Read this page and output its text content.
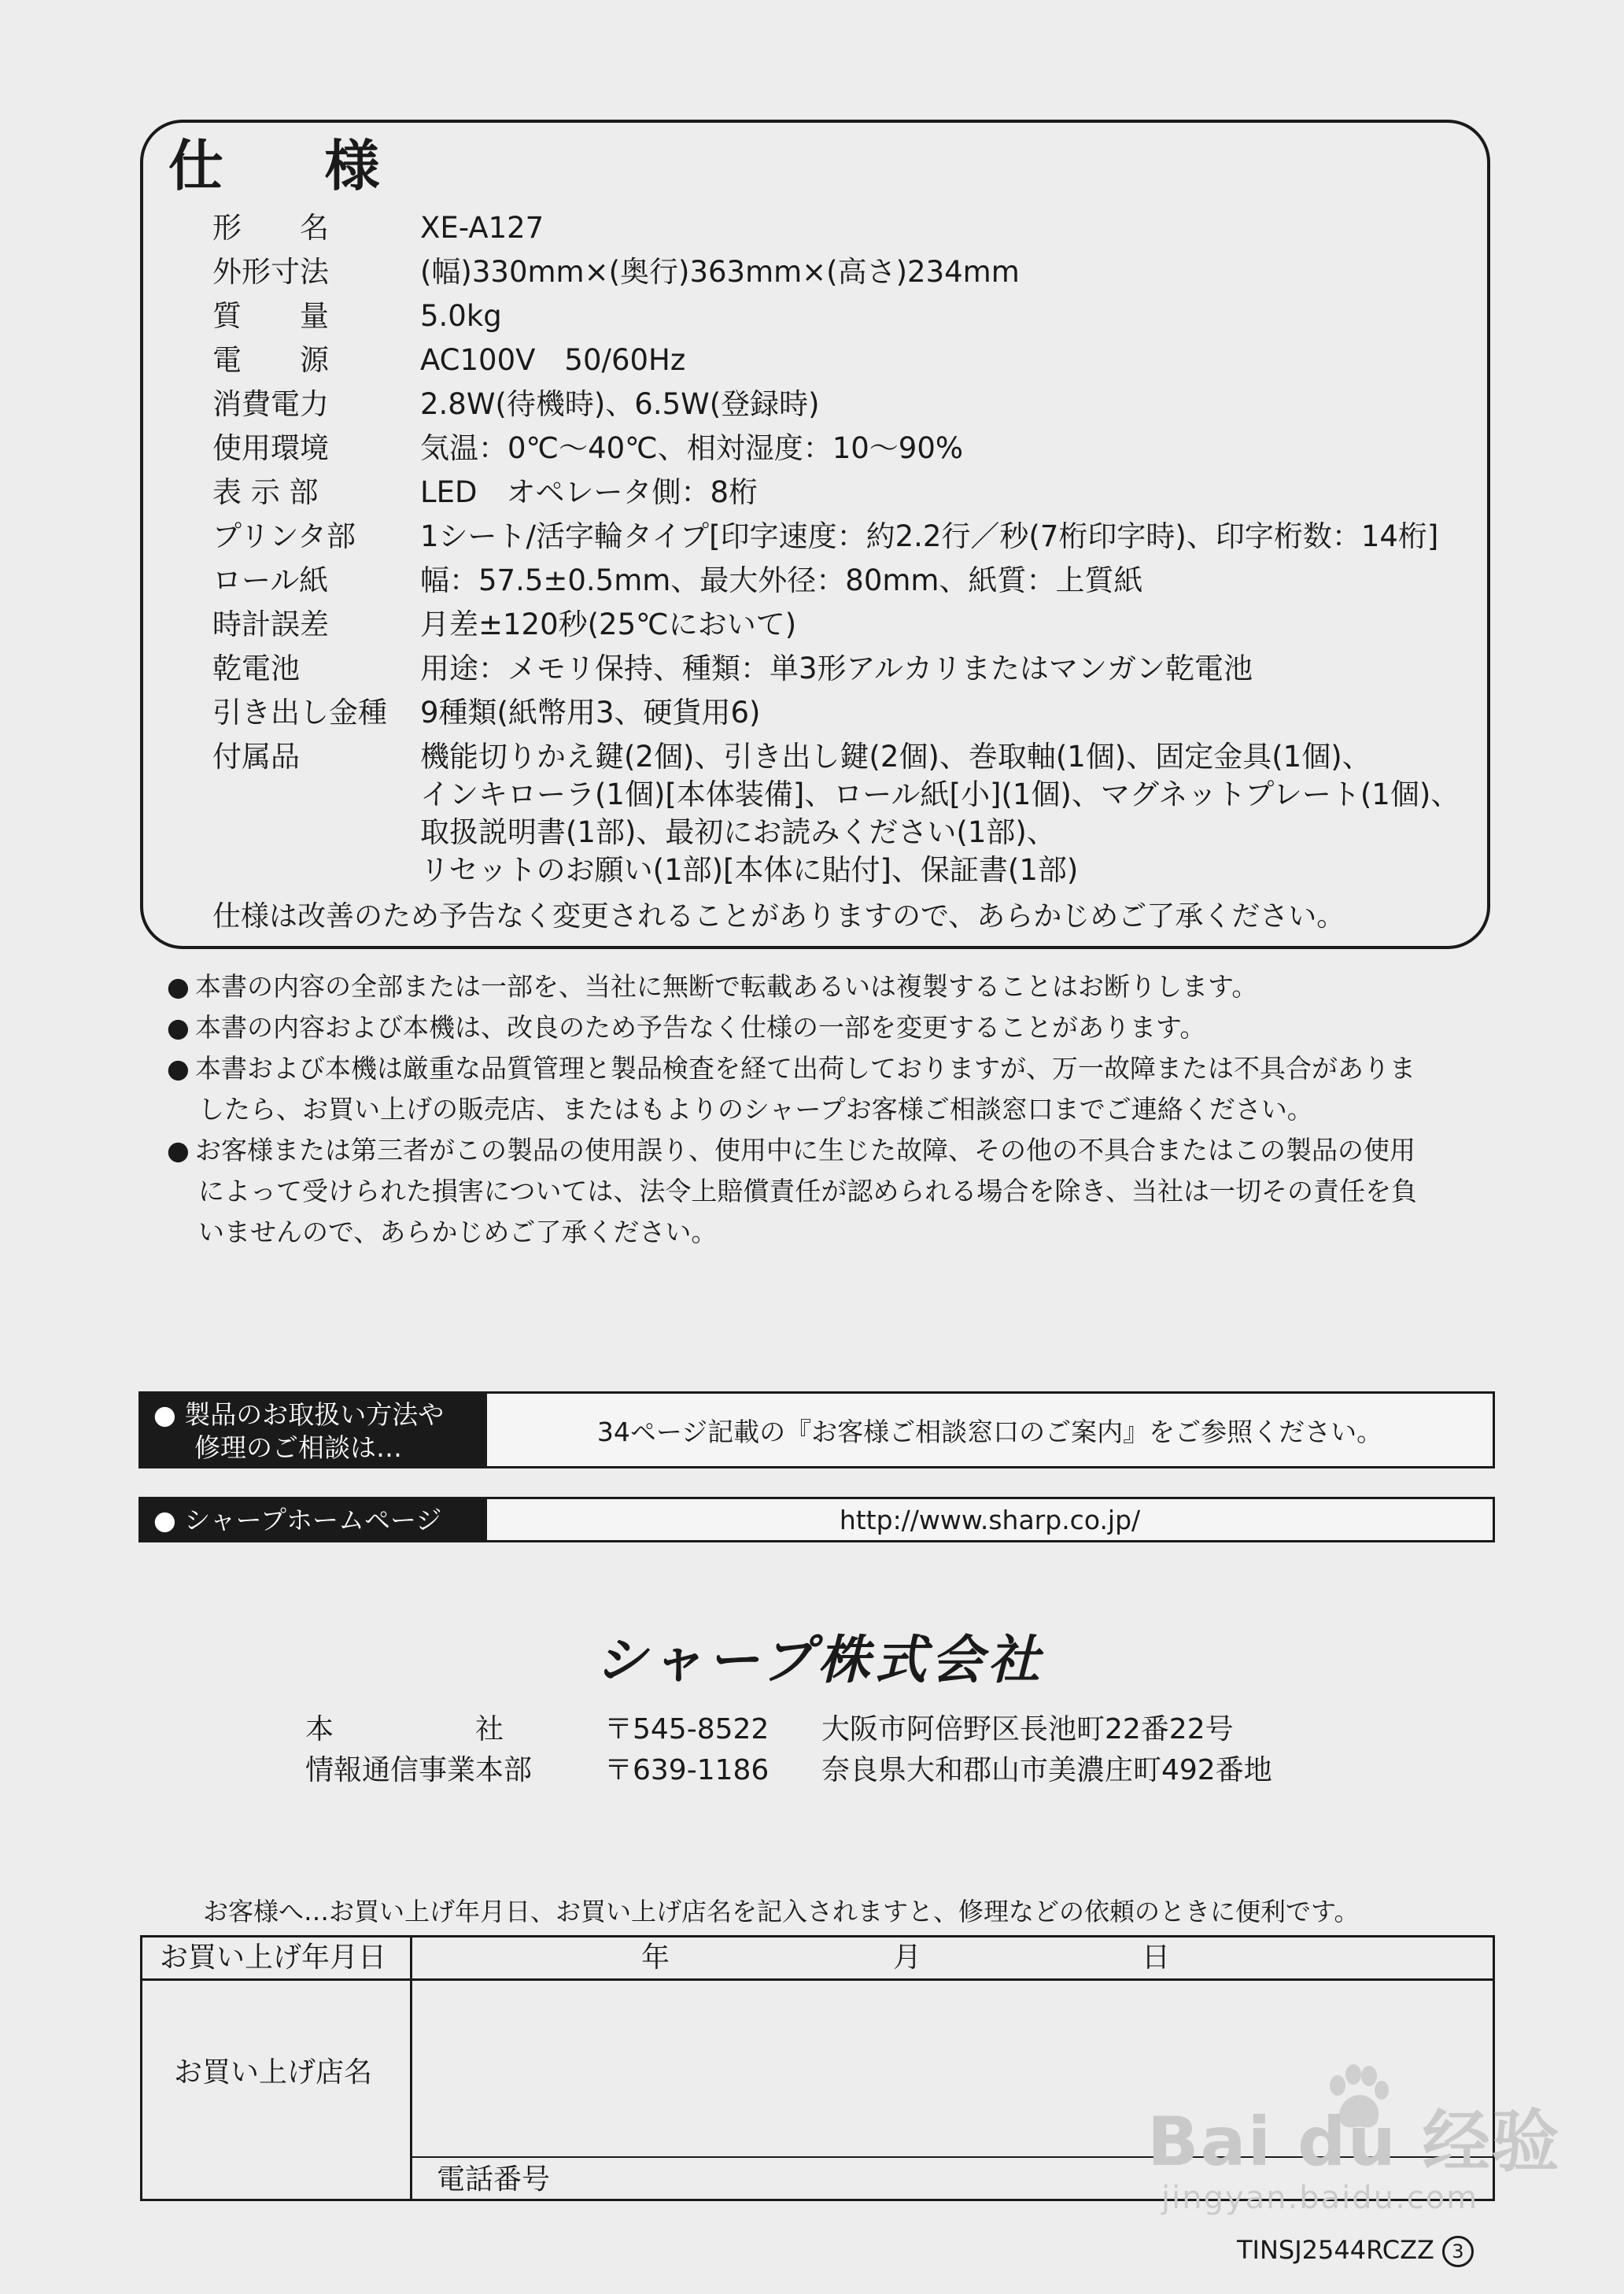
仕 様
形　　名	XE-A127
外形寸法	(幅)330mm×(奥行)363mm×(高さ)234mm
質　　量	5.0kg
電　　源	AC100V　50/60Hz
消費電力	2.8W(待機時)、6.5W(登録時)
使用環境	気温：0℃～40℃、相対湿度：10～90%
表 示 部	LED　オペレータ側：8桁
プリンタ部 1シート/活字輪タイプ[印字速度：約2.2行／秒(7桁印字時)、印字桁数：14桁]
ロール紙	幅：57.5±0.5mm、最大外径：80mm、紙質：上質紙
時計誤差	月差±120秒(25℃において)
乾電池	用途：メモリ保持、種類：単3形アルカリまたはマンガン乾電池
引き出し金種 9種類(紙幣用3、硬貨用6)
付属品	機能切りかえ鍵(2個)、引き出し鍵(2個)、巻取軸(1個)、固定金具(1個)、
インキローラ(1個)[本体装備]、ロール紙[小](1個)、マグネットプレート(1個)、
取扱説明書(1部)、最初にお読みください(1部)、
リセットのお願い(1部)[本体に貼付]、保証書(1部)
仕様は改善のため予告なく変更されることがありますので、あらかじめご了承ください。
● 本書の内容の全部または一部を、当社に無断で転載あるいは複製することはお断りします。
● 本書の内容および本機は、改良のため予告なく仕様の一部を変更することがあります。
● 本書および本機は厳重な品質管理と製品検査を経て出荷しておりますが、万一故障または不具合がありま
したら、お買い上げの販売店、またはもよりのシャープお客様ご相談窓口までご連絡ください。
● お客様または第三者がこの製品の使用誤り、使用中に生じた故障、その他の不具合またはこの製品の使用
によって受けられた損害については、法令上賠償責任が認められる場合を除き、当社は一切その責任を負
いませんので、あらかじめご了承ください。
● 製品のお取扱い方法や
修理のご相談は…
34ページ記載の『お客様ご相談窓口のご案内』をご参照ください。
● シャープホームページ	http://www.sharp.co.jp/
シャープ株式会社
本　　　　　社	〒545-8522 大阪市阿倍野区長池町22番22号
情報通信事業本部	〒639-1186 奈良県大和郡山市美濃庄町492番地
お客様へ…お買い上げ年月日、お買い上げ店名を記入されますと、修理などの依頼のときに便利です。
お買い上げ年月日	年	月	日
お買い上げ店名
電話番号	Bai du 经验
jingyan.baidu.com
TINSJ2544RCZZ 3
